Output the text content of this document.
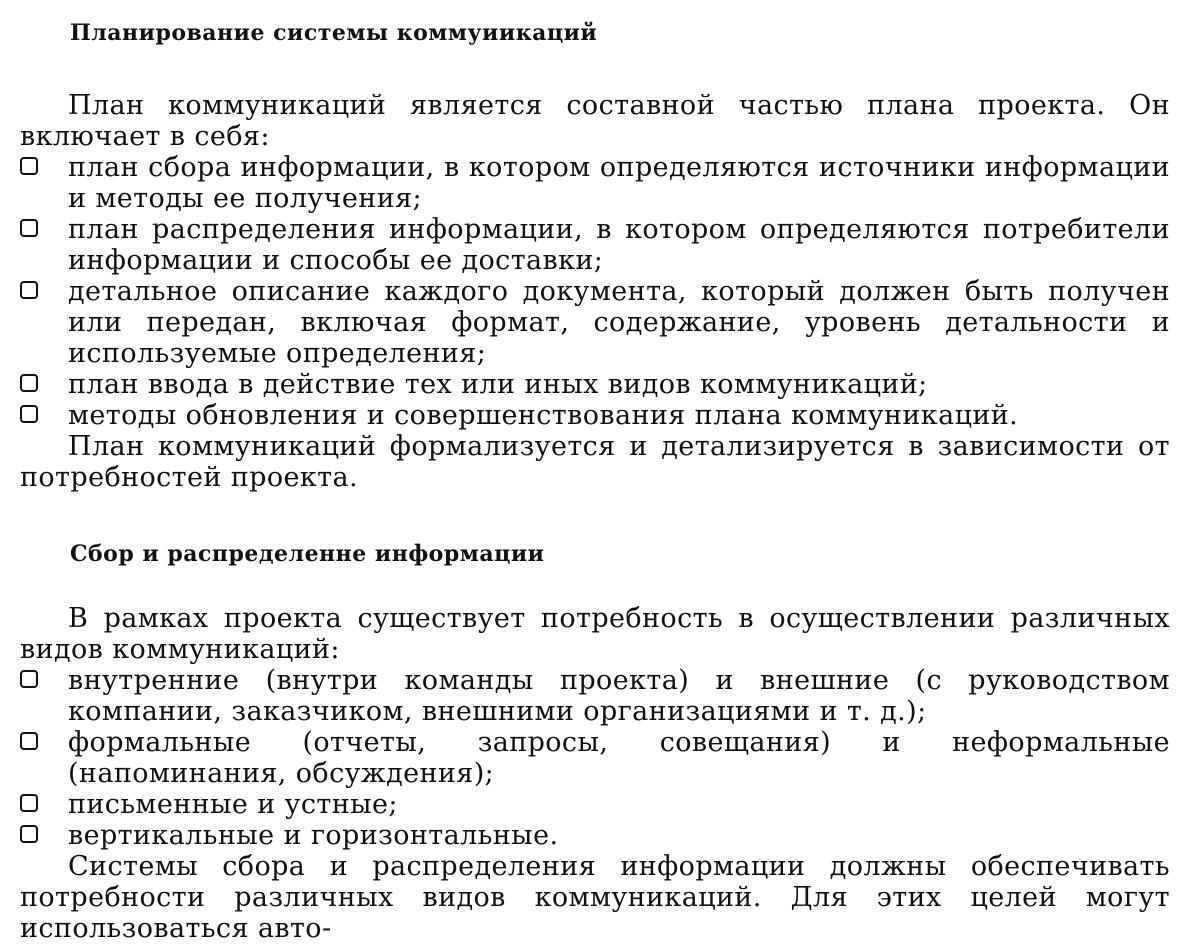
Планирование системы коммуиикаций

План коммуникаций является составной частью плана проекта. Он включает в себя:

план сбора информации, в котором определяются источники информации и методы ее получения;
план распределения информации, в котором определяются потребители информации и способы ее доставки;
детальное описание каждого документа, который должен быть получен или передан, включая формат, содержание, уровень детальности и используемые определения;
план ввода в действие тех или иных видов коммуникаций;
методы обновления и совершенствования плана коммуникаций.

План коммуникаций формализуется и детализируется в зависимости от потребностей проекта.

Сбор и распределенне информации

В рамках проекта существует потребность в осуществлении различных видов коммуникаций:

внутренние (внутри команды проекта) и внешние (с руководством компании, заказчиком, внешними организациями и т. д.);
формальные (отчеты, запросы, совещания) и неформальные (напоминания, обсуждения);
письменные и устные;
вертикальные и горизонтальные.

Системы сбора и распределения информации должны обеспечивать потребности различных видов коммуникаций. Для этих целей могут использоваться авто-
